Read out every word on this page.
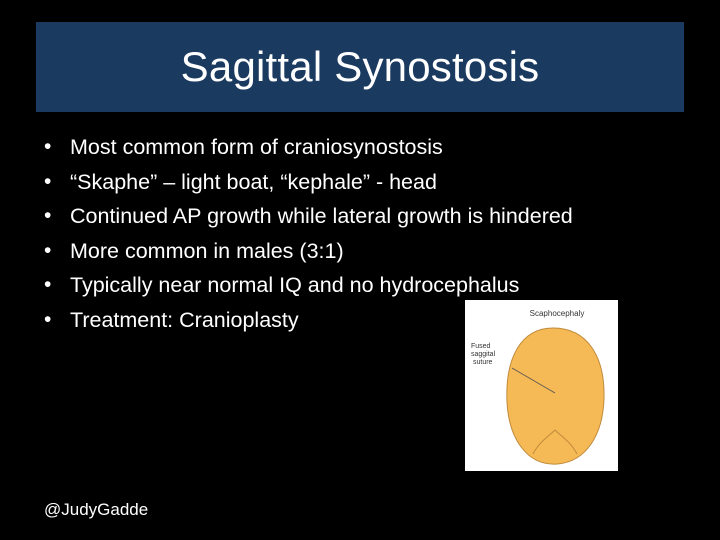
Sagittal Synostosis
• Most common form of craniosynostosis
• “Skaphe” – light boat, “kephale” - head
• Continued AP growth while lateral growth is hindered
• More common in males (3:1)
• Typically near normal IQ and no hydrocephalus
• Treatment: Cranioplasty	Scaphocephaly
Fused
saggital
suture
@JudyGadde
